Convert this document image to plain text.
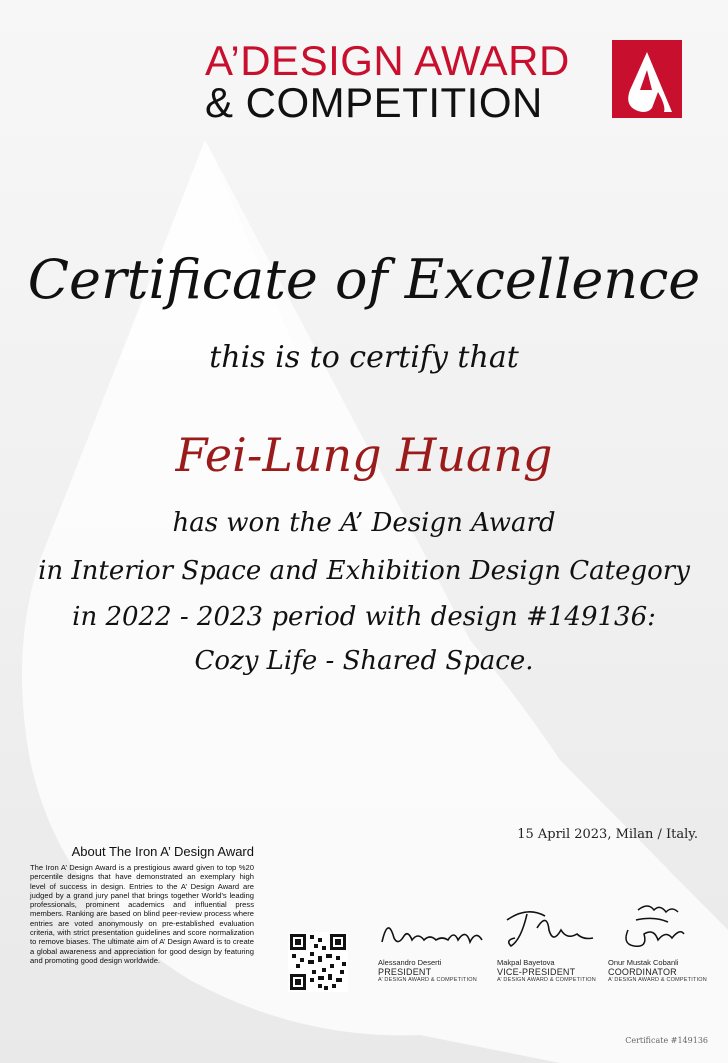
A’DESIGN AWARD
& COMPETITION
Certificate of Excellence
this is to certify that
Fei-Lung Huang
has won the A’ Design Award
in Interior Space and Exhibition Design Category
in 2022 - 2023 period with design #149136:
Cozy Life - Shared Space.
15 April 2023, Milan / Italy.
About The Iron A’ Design Award
The Iron A’ Design Award is a prestigious award given to top %20 percentile designs that have demonstrated an exemplary high level of success in design. Entries to the A’ Design Award are judged by a grand jury panel that brings together World’s leading professionals, prominent academics and influential press members. Ranking are based on blind peer-review process where entries are voted anonymously on pre-established evaluation criteria, with strict presentation guidelines and score normalization to remove biases. The ultimate aim of A’ Design Award is to create a global awareness and appreciation for good design by featuring and promoting good design worldwide.	Alessandro Deserti
PRESIDENT
A’ DESIGN AWARD & COMPETITION
Makpal Bayetova
VICE-PRESIDENT
A’ DESIGN AWARD & COMPETITION
Onur Mustak Cobanli
COORDINATOR
A’ DESIGN AWARD & COMPETITION
Certificate #149136
